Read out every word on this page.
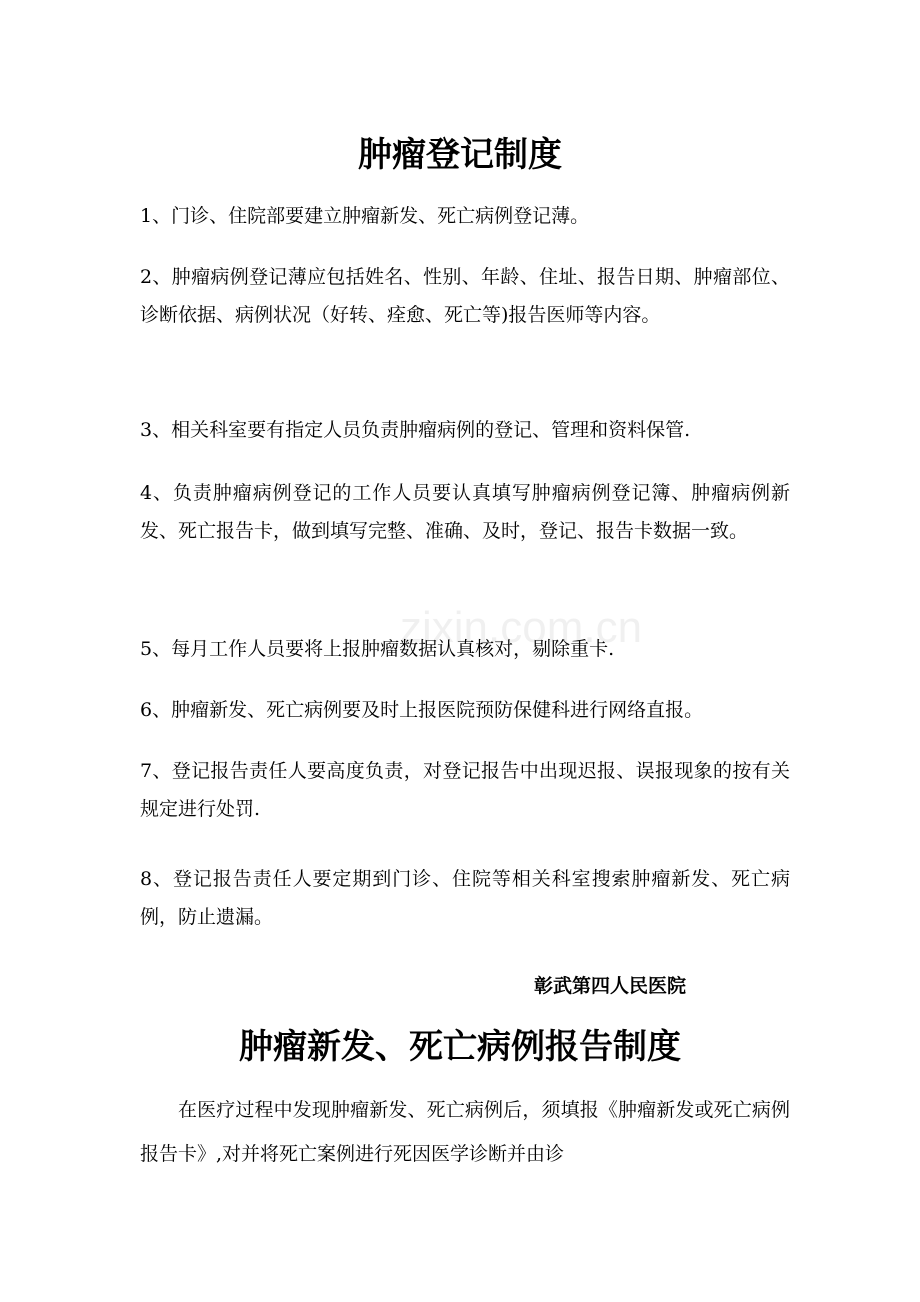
肿瘤登记制度

1、门诊、住院部要建立肿瘤新发、死亡病例登记薄。

2、肿瘤病例登记薄应包括姓名、性别、年龄、住址、报告日期、肿瘤部位、诊断依据、病例状况（好转、痊愈、死亡等)报告医师等内容。

3、相关科室要有指定人员负责肿瘤病例的登记、管理和资料保管.

4、负责肿瘤病例登记的工作人员要认真填写肿瘤病例登记簿、肿瘤病例新发、死亡报告卡，做到填写完整、准确、及时，登记、报告卡数据一致。

5、每月工作人员要将上报肿瘤数据认真核对，剔除重卡.

6、肿瘤新发、死亡病例要及时上报医院预防保健科进行网络直报。

7、登记报告责任人要高度负责，对登记报告中出现迟报、误报现象的按有关规定进行处罚.

8、登记报告责任人要定期到门诊、住院等相关科室搜索肿瘤新发、死亡病例，防止遗漏。

zixin.com.cn

彰武第四人民医院

肿瘤新发、死亡病例报告制度

在医疗过程中发现肿瘤新发、死亡病例后，须填报《肿瘤新发或死亡病例报告卡》,对并将死亡案例进行死因医学诊断并由诊
